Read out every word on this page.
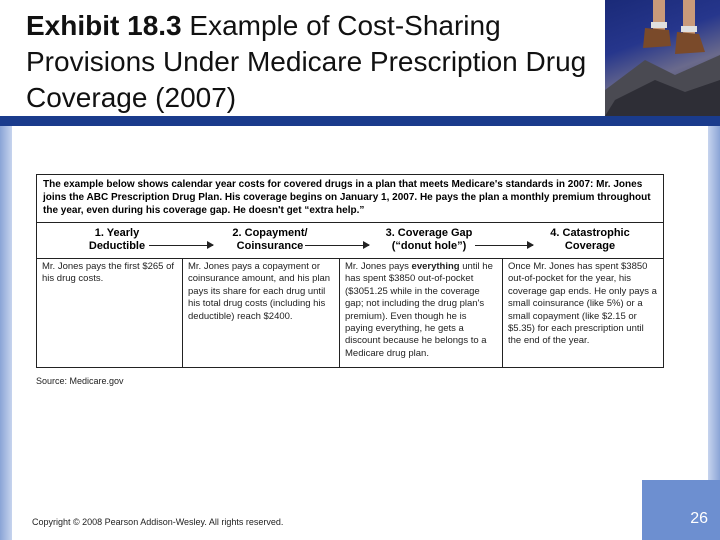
Exhibit 18.3 Example of Cost-Sharing Provisions Under Medicare Prescription Drug Coverage (2007)
The example below shows calendar year costs for covered drugs in a plan that meets Medicare's standards in 2007: Mr. Jones joins the ABC Prescription Drug Plan. His coverage begins on January 1, 2007. He pays the plan a monthly premium throughout the year, even during his coverage gap. He doesn't get “extra help.”
1. Yearly
Deductible
2. Copayment/
Coinsurance
3. Coverage Gap
(“donut hole”)
4. Catastrophic
Coverage
Mr. Jones pays the first $265 of his drug costs.
Mr. Jones pays a copayment or coinsurance amount, and his plan pays its share for each drug until his total drug costs (including his deductible) reach $2400.
Mr. Jones pays everything until he has spent $3850 out-of-pocket ($3051.25 while in the coverage gap; not including the drug plan's premium). Even though he is paying everything, he gets a discount because he belongs to a Medicare drug plan.
Once Mr. Jones has spent $3850 out-of-pocket for the year, his coverage gap ends. He only pays a small coinsurance (like 5%) or a small copayment (like $2.15 or $5.35) for each prescription until the end of the year.
Source: Medicare.gov
Copyright © 2008 Pearson Addison-Wesley. All rights reserved.	26
